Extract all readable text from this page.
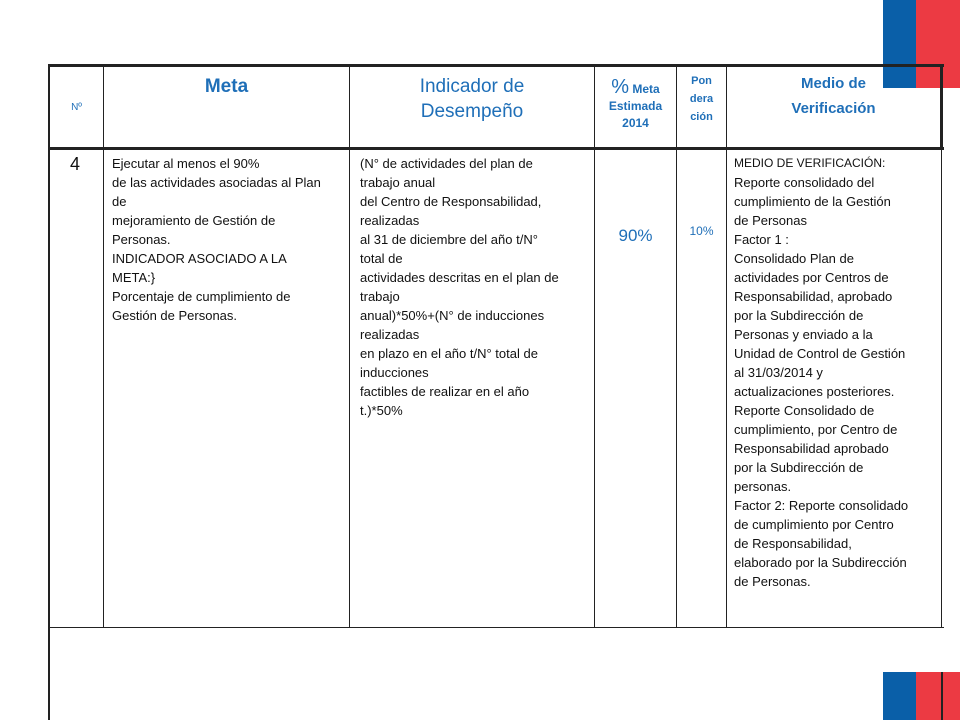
Nº
Meta	Indicador de
Desempeño
% Meta
Estimada
2014
Pon
dera
ción
Medio de
Verificación
4 Ejecutar al menos el 90%
de las actividades asociadas al Plan
de
mejoramiento de Gestión de
Personas.
INDICADOR ASOCIADO A LA
META:}
Porcentaje de cumplimiento de
Gestión de Personas.
(N° de actividades del plan de
trabajo anual
del Centro de Responsabilidad,
realizadas
al 31 de diciembre del año t/N°
total de
actividades descritas en el plan de
trabajo
anual)*50%+(N° de inducciones
realizadas
en plazo en el año t/N° total de
inducciones
factibles de realizar en el año
t.)*50%
90%	10%
MEDIO DE VERIFICACIÓN:
Reporte consolidado del
cumplimiento de la Gestión
de Personas
Factor 1 :
Consolidado Plan de
actividades por Centros de
Responsabilidad, aprobado
por la Subdirección de
Personas y enviado a la
Unidad de Control de Gestión
al 31/03/2014 y
actualizaciones posteriores.
Reporte Consolidado de
cumplimiento, por Centro de
Responsabilidad aprobado
por la Subdirección de
personas.
Factor 2: Reporte consolidado
de cumplimiento por Centro
de Responsabilidad,
elaborado por la Subdirección
de Personas.
